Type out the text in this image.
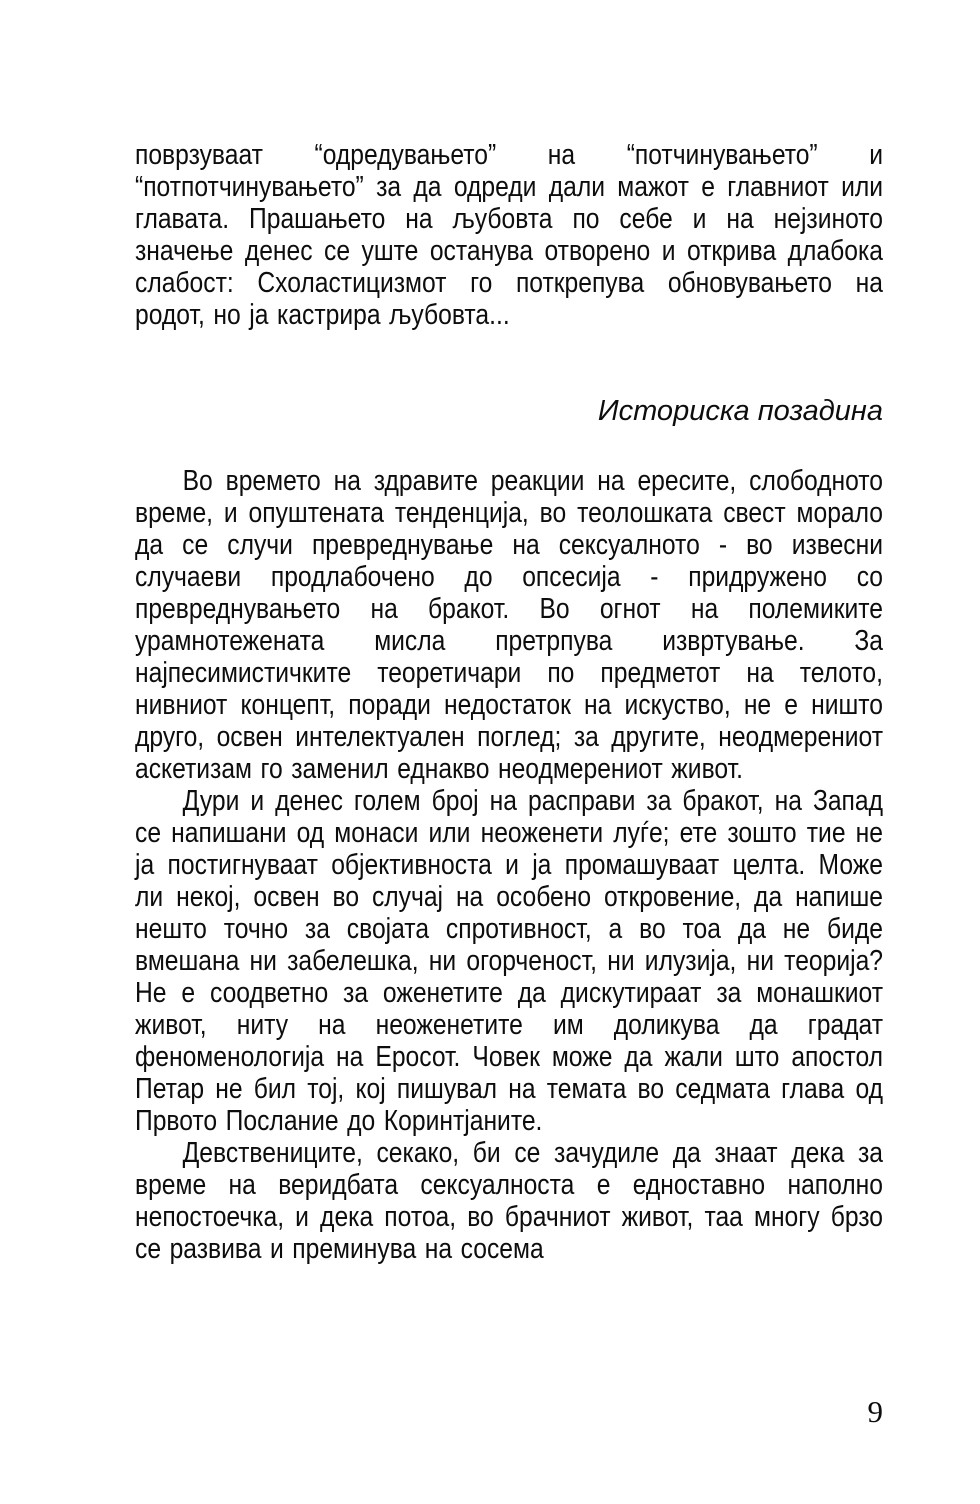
поврзуваат “одредувањето” на “потчинувањето” и “потпотчинувањето” за да одреди дали мажот е главниот или главата. Прашањето на љубовта по себе и на нејзиното значење денес се уште останува отворено и открива длабока слабост: Схоластицизмот го поткрепува обновувањето на родот, но ја кастрира љубовта...

Историска позадина

Во времето на здравите реакции на ересите, слободното време, и опуштената тенденција, во теолошката свест морало да се случи превреднување на сексуалното - во извесни случаеви продлабочено до опсесија - придружено со превреднувањето на бракот. Во огнот на полемиките урамнотежената мисла претрпува извртување. За најпесимистичките теоретичари по предметот на телото, нивниот концепт, поради недостаток на искуство, не е ништо друго, освен интелектуален поглед; за другите, неодмерениот аскетизам го заменил еднакво неодмерениот живот.

Дури и денес голем број на расправи за бракот, на Запад се напишани од монаси или неоженети луѓе; ете зошто тие не ја постигнуваат објективноста и ја промашуваат целта. Може ли некој, освен во случај на особено откровение, да напише нешто точно за својата спротивност, а во тоа да не биде вмешана ни забелешка, ни огорченост, ни илузија, ни теорија? Не е соодветно за оженетите да дискутираат за монашкиот живот, ниту на неоженетите им доликува да градат феноменологија на Еросот. Човек може да жали што апостол Петар не бил тој, кој пишувал на темата во седмата глава од Првото Послание до Коринтјаните.

Девствениците, секако, би се зачудиле да знаат дека за време на веридбата сексуалноста е едноставно наполно непостоечка, и дека потоа, во брачниот живот, таа многу брзо се развива и преминува на сосема

9
